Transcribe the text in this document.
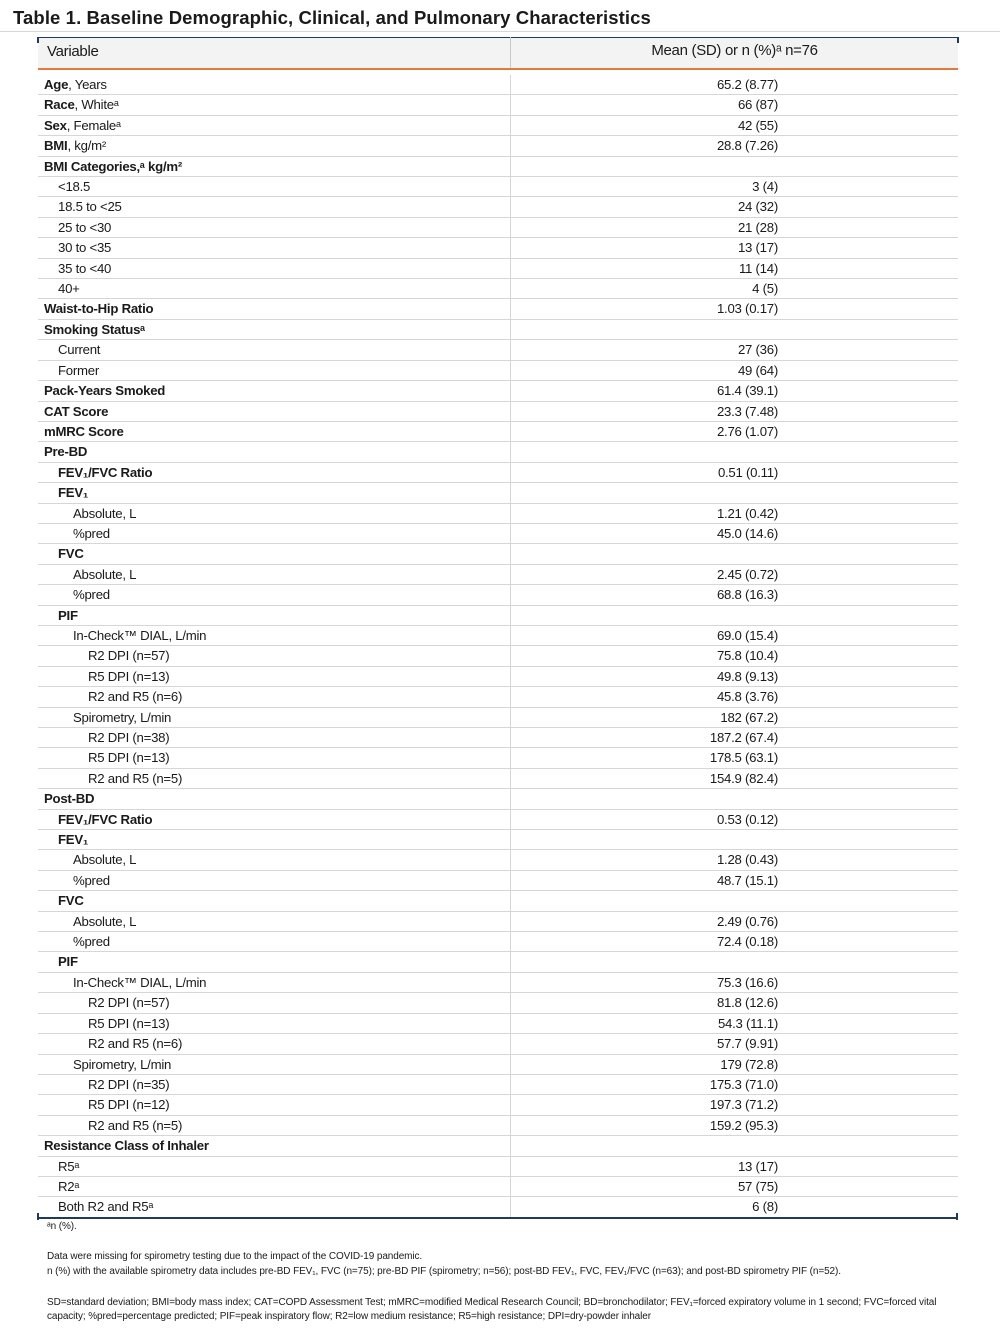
Table 1. Baseline Demographic, Clinical, and Pulmonary Characteristics
Variable	Mean (SD) or n (%)ᵃ n=76
Age, Years	65.2 (8.77)
Race, Whiteᵃ	66 (87)
Sex, Femaleᵃ	42 (55)
BMI, kg/m²	28.8 (7.26)
BMI Categories,ᵃ kg/m²
<18.5	3 (4)
18.5 to <25	24 (32)
25 to <30	21 (28)
30 to <35	13 (17)
35 to <40	11 (14)
40+	4 (5)
Waist-to-Hip Ratio	1.03 (0.17)
Smoking Statusᵃ
Current	27 (36)
Former	49 (64)
Pack-Years Smoked	61.4 (39.1)
CAT Score	23.3 (7.48)
mMRC Score	2.76 (1.07)
Pre-BD
FEV₁/FVC Ratio	0.51 (0.11)
FEV₁
Absolute, L	1.21 (0.42)
%pred	45.0 (14.6)
FVC
Absolute, L	2.45 (0.72)
%pred	68.8 (16.3)
PIF
In-Check™ DIAL, L/min	69.0 (15.4)
R2 DPI (n=57)	75.8 (10.4)
R5 DPI (n=13)	49.8 (9.13)
R2 and R5 (n=6)	45.8 (3.76)
Spirometry, L/min	182 (67.2)
R2 DPI (n=38)	187.2 (67.4)
R5 DPI (n=13)	178.5 (63.1)
R2 and R5 (n=5)	154.9 (82.4)
Post-BD
FEV₁/FVC Ratio	0.53 (0.12)
FEV₁
Absolute, L	1.28 (0.43)
%pred	48.7 (15.1)
FVC
Absolute, L	2.49 (0.76)
%pred	72.4 (0.18)
PIF
In-Check™ DIAL, L/min	75.3 (16.6)
R2 DPI (n=57)	81.8 (12.6)
R5 DPI (n=13)	54.3 (11.1)
R2 and R5 (n=6)	57.7 (9.91)
Spirometry, L/min	179 (72.8)
R2 DPI (n=35)	175.3 (71.0)
R5 DPI (n=12)	197.3 (71.2)
R2 and R5 (n=5)	159.2 (95.3)
Resistance Class of Inhaler
R5ᵃ	13 (17)
R2ᵃ	57 (75)
Both R2 and R5ᵃ	6 (8)
ᵃn (%).
Data were missing for spirometry testing due to the impact of the COVID-19 pandemic.
n (%) with the available spirometry data includes pre-BD FEV₁, FVC (n=75); pre-BD PIF (spirometry; n=56); post-BD FEV₁, FVC, FEV₁/FVC (n=63); and post-BD spirometry PIF (n=52).
SD=standard deviation; BMI=body mass index; CAT=COPD Assessment Test; mMRC=modified Medical Research Council; BD=bronchodilator; FEV₁=forced expiratory volume in 1 second; FVC=forced vital
capacity; %pred=percentage predicted; PIF=peak inspiratory flow; R2=low medium resistance; R5=high resistance; DPI=dry-powder inhaler
